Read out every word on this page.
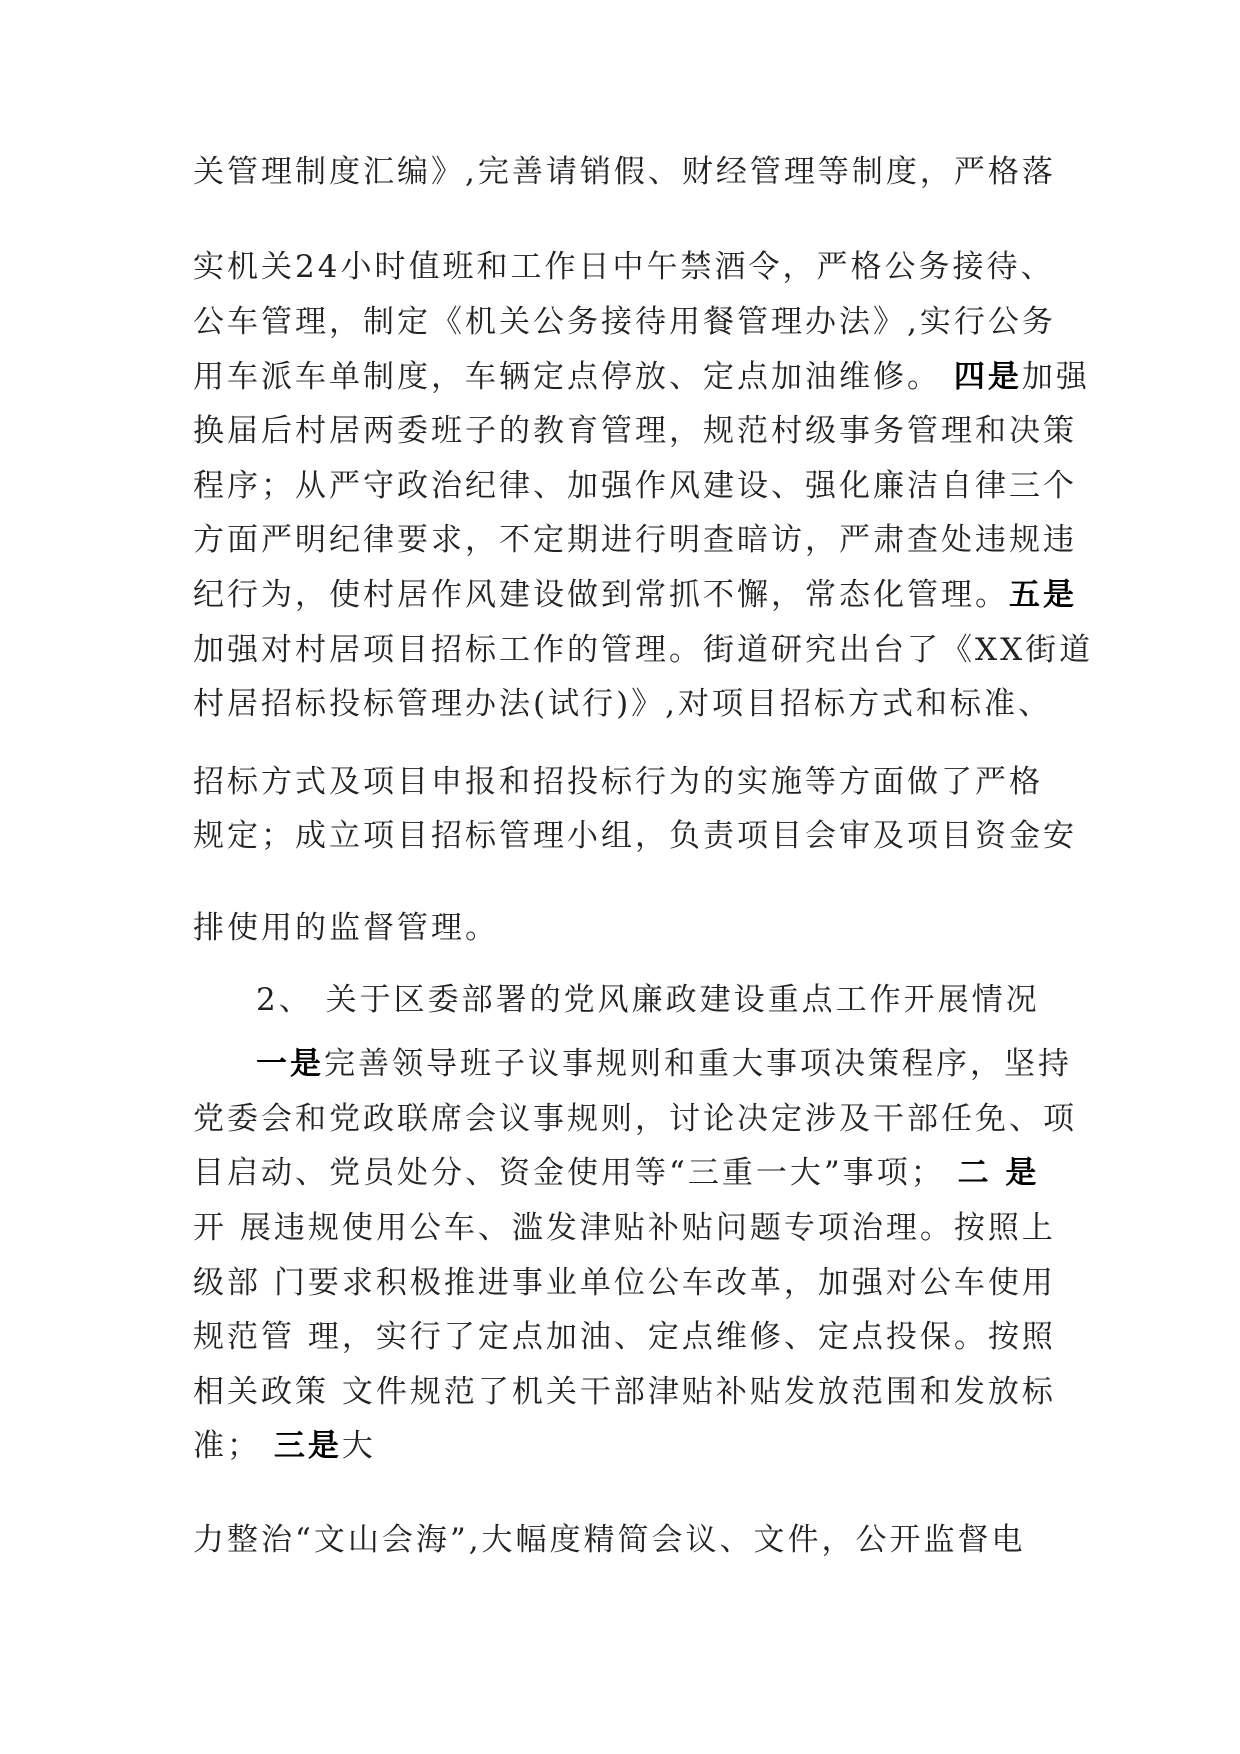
关管理制度汇编》,完善请销假、财经管理等制度，严格落
实机关24小时值班和工作日中午禁酒令，严格公务接待、
公车管理，制定《机关公务接待用餐管理办法》,实行公务
用车派车单制度，车辆定点停放、定点加油维修。 四是加强
换届后村居两委班子的教育管理，规范村级事务管理和决策
程序；从严守政治纪律、加强作风建设、强化廉洁自律三个
方面严明纪律要求，不定期进行明查暗访，严肃查处违规违
纪行为，使村居作风建设做到常抓不懈，常态化管理。五是
加强对村居项目招标工作的管理。街道研究出台了《XX街道
村居招标投标管理办法(试行)》,对项目招标方式和标准、
招标方式及项目申报和招投标行为的实施等方面做了严格
规定；成立项目招标管理小组，负责项目会审及项目资金安
排使用的监督管理。
2、 关于区委部署的党风廉政建设重点工作开展情况
一是完善领导班子议事规则和重大事项决策程序，坚持
党委会和党政联席会议事规则，讨论决定涉及干部任免、项
目启动、党员处分、资金使用等“三重一大”事项； 二 是
开 展违规使用公车、滥发津贴补贴问题专项治理。按照上
级部 门要求积极推进事业单位公车改革，加强对公车使用
规范管 理，实行了定点加油、定点维修、定点投保。按照
相关政策 文件规范了机关干部津贴补贴发放范围和发放标
准； 三是大
力整治“文山会海”,大幅度精简会议、文件，公开监督电
